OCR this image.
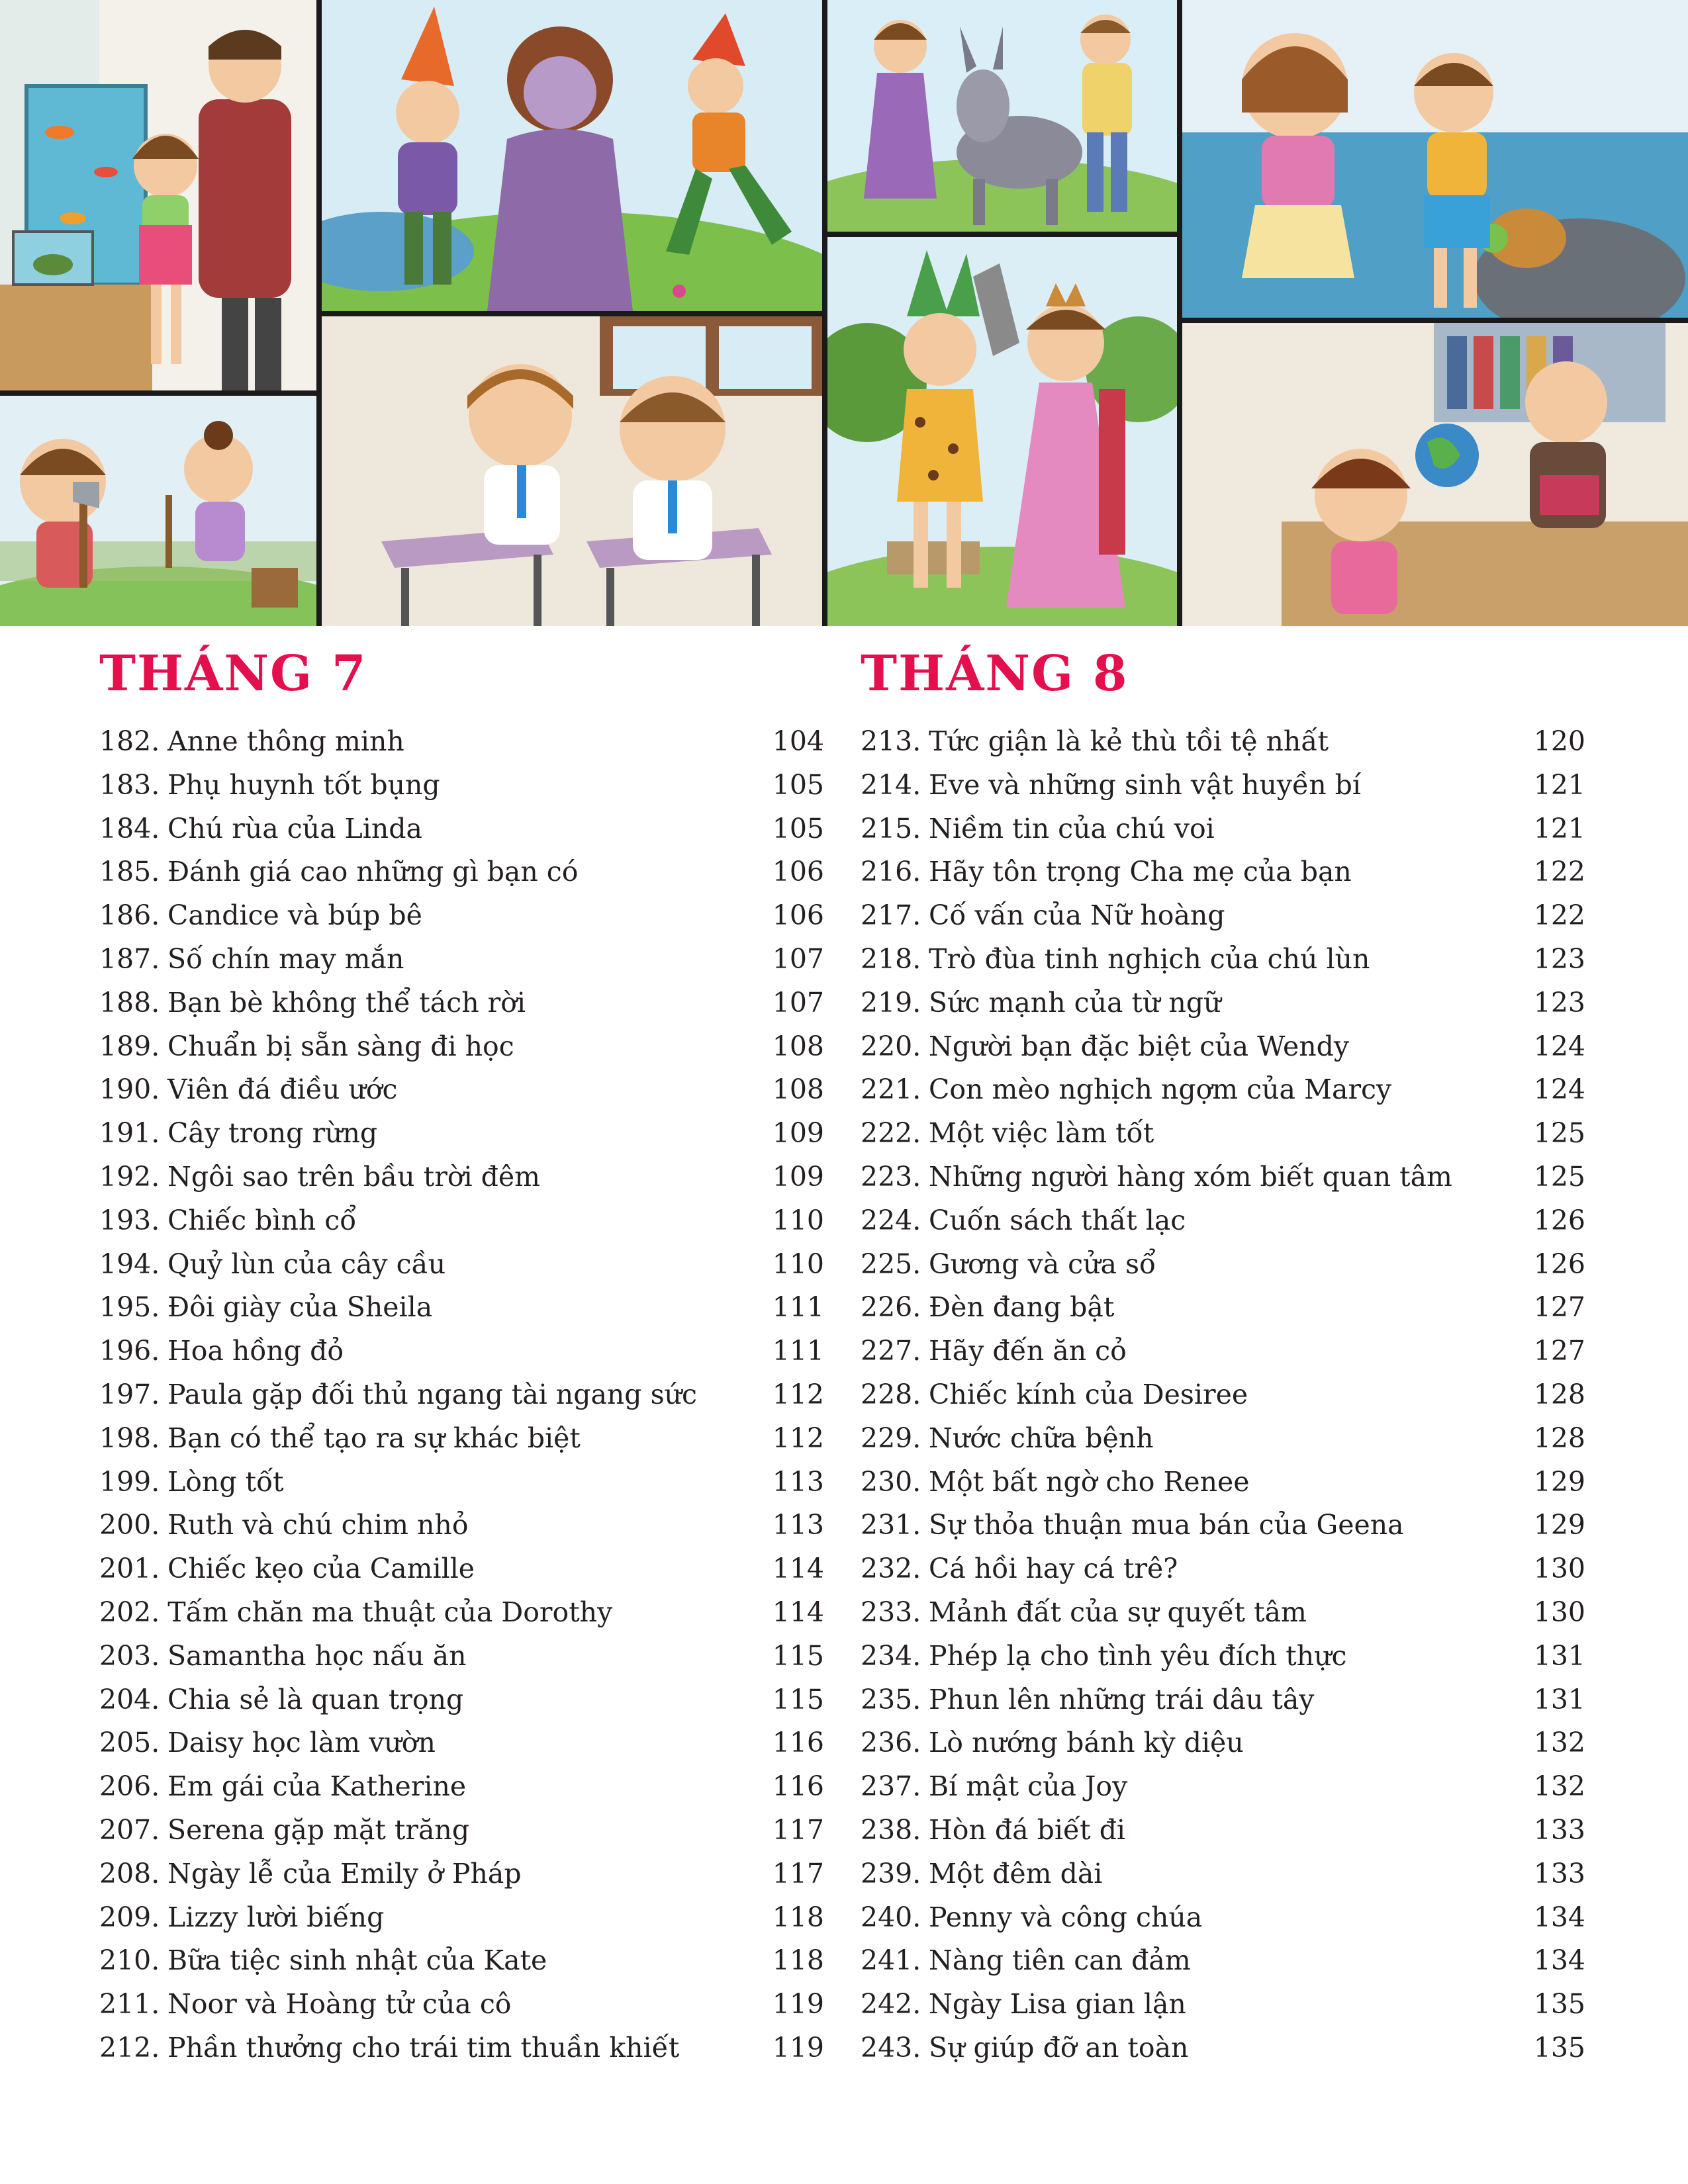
THÁNG 7
182. Anne thông minh	104
183. Phụ huynh tốt bụng	105
184. Chú rùa của Linda	105
185. Đánh giá cao những gì bạn có	106
186. Candice và búp bê	106
187. Số chín may mắn	107
188. Bạn bè không thể tách rời	107
189. Chuẩn bị sẵn sàng đi học	108
190. Viên đá điều ước	108
191. Cây trong rừng	109
192. Ngôi sao trên bầu trời đêm	109
193. Chiếc bình cổ	110
194. Quỷ lùn của cây cầu	110
195. Đôi giày của Sheila	111
196. Hoa hồng đỏ	111
197. Paula gặp đối thủ ngang tài ngang sức	112
198. Bạn có thể tạo ra sự khác biệt	112
199. Lòng tốt	113
200. Ruth và chú chim nhỏ	113
201. Chiếc kẹo của Camille	114
202. Tấm chăn ma thuật của Dorothy	114
203. Samantha học nấu ăn	115
204. Chia sẻ là quan trọng	115
205. Daisy học làm vườn	116
206. Em gái của Katherine	116
207. Serena gặp mặt trăng	117
208. Ngày lễ của Emily ở Pháp	117
209. Lizzy lười biếng	118
210. Bữa tiệc sinh nhật của Kate	118
211. Noor và Hoàng tử của cô	119
212. Phần thưởng cho trái tim thuần khiết	119
THÁNG 8
213. Tức giận là kẻ thù tồi tệ nhất	120
214. Eve và những sinh vật huyền bí	121
215. Niềm tin của chú voi	121
216. Hãy tôn trọng Cha mẹ của bạn	122
217. Cố vấn của Nữ hoàng	122
218. Trò đùa tinh nghịch của chú lùn	123
219. Sức mạnh của từ ngữ	123
220. Người bạn đặc biệt của Wendy	124
221. Con mèo nghịch ngợm của Marcy	124
222. Một việc làm tốt	125
223. Những người hàng xóm biết quan tâm	125
224. Cuốn sách thất lạc	126
225. Gương và cửa sổ	126
226. Đèn đang bật	127
227. Hãy đến ăn cỏ	127
228. Chiếc kính của Desiree	128
229. Nước chữa bệnh	128
230. Một bất ngờ cho Renee	129
231. Sự thỏa thuận mua bán của Geena	129
232. Cá hồi hay cá trê?	130
233. Mảnh đất của sự quyết tâm	130
234. Phép lạ cho tình yêu đích thực	131
235. Phun lên những trái dâu tây	131
236. Lò nướng bánh kỳ diệu	132
237. Bí mật của Joy	132
238. Hòn đá biết đi	133
239. Một đêm dài	133
240. Penny và công chúa	134
241. Nàng tiên can đảm	134
242. Ngày Lisa gian lận	135
243. Sự giúp đỡ an toàn	135
